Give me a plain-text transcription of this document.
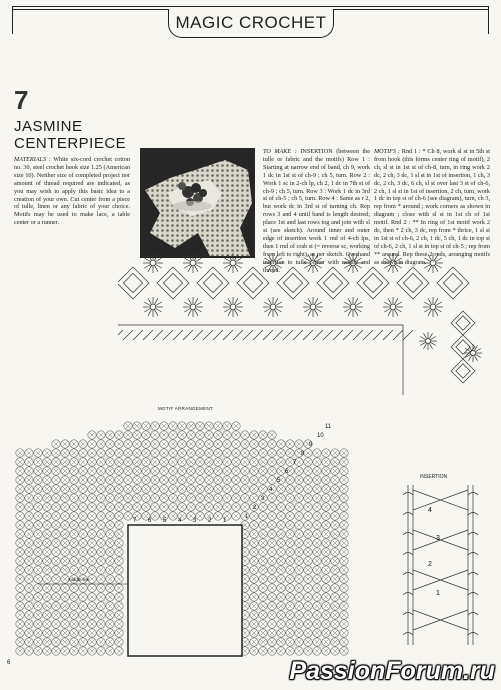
MAGIC CROCHET
7
JASMINE
CENTERPIECE
MATERIALS : White six-cord crochet cotton no. 30, steel crochet hook size 1.25 (American size 10). Neither size of completed project nor amount of thread required are indicated, as you may wish to apply this basic idea to a creation of your own. Cut center from a piece of tulle, linen or any fabric of your choice. Motifs may be used to make lace, a table center or a runner.
TO MAKE : INSERTION (between the tulle or fabric and the motifs) Row 1 : Starting at narrow end of band, ch 9, work 1 dc in 1st st of ch-9 ; ch 5, turn. Row 2 : Work 1 sc in 2-ch lp, ch 2, 1 dc in 7th st of ch-9 ; ch 5, turn. Row 3 : Work 1 dc in 3rd st of ch-5 ; ch 5, turn. Row 4 : Same as r 2, but work dc in 3rd st of turning ch. Rep rows 3 and 4 until band is length desired; place 1st and last rows tog and join with sl st (see sketch). Around inner and outer edge of insertion work 1 rnd of 4-ch lps, then 1 rnd of crab st (= reverse sc, working from left to right), as per sketch. Overhand insertion to tulle center with needle and thread.
MOTIFS : Rnd 1 : * Ch 8, work sl st in 5th st from hook (this forms center ring of motif), 2 ch, sl st in 1st st of ch-8, turn, in ring work 2 dc, 2 ch, 3 dc, 1 sl st in 1st of insertion, 1 ch, 3 dc, 2 ch, 3 dc, 6 ch, sl st over last 3 st of ch-6, 2 ch, 1 sl st in 1st of insertion, 2 ch, turn, work 1 dc in top st of ch-6 (see diagram), turn, ch 3, rep from * around ; work corners as shown in diagram ; close with sl st in 1st ch of 1st motif. Rnd 2 : ** In ring of 1st motif work 2 dc, then * 2 ch, 3 dc, rep from * thrice, 1 sl st in 1st st of ch-6, 2 ch, 1 dc, 5 ch, 1 dc in top st of ch-6, 2 ch, 1 sl st in top st of ch-5 ; rep from ** around. Rep these 2 rnds, arranging motifs as shown in diagram.
MOTIF ARRANGEMENT
middle line
7 6 5 4 3 2 1
1
2
3
4
5
6
7
8
9
10
11
INSERTION
4
3
2
1
6	PassionForum.ru
